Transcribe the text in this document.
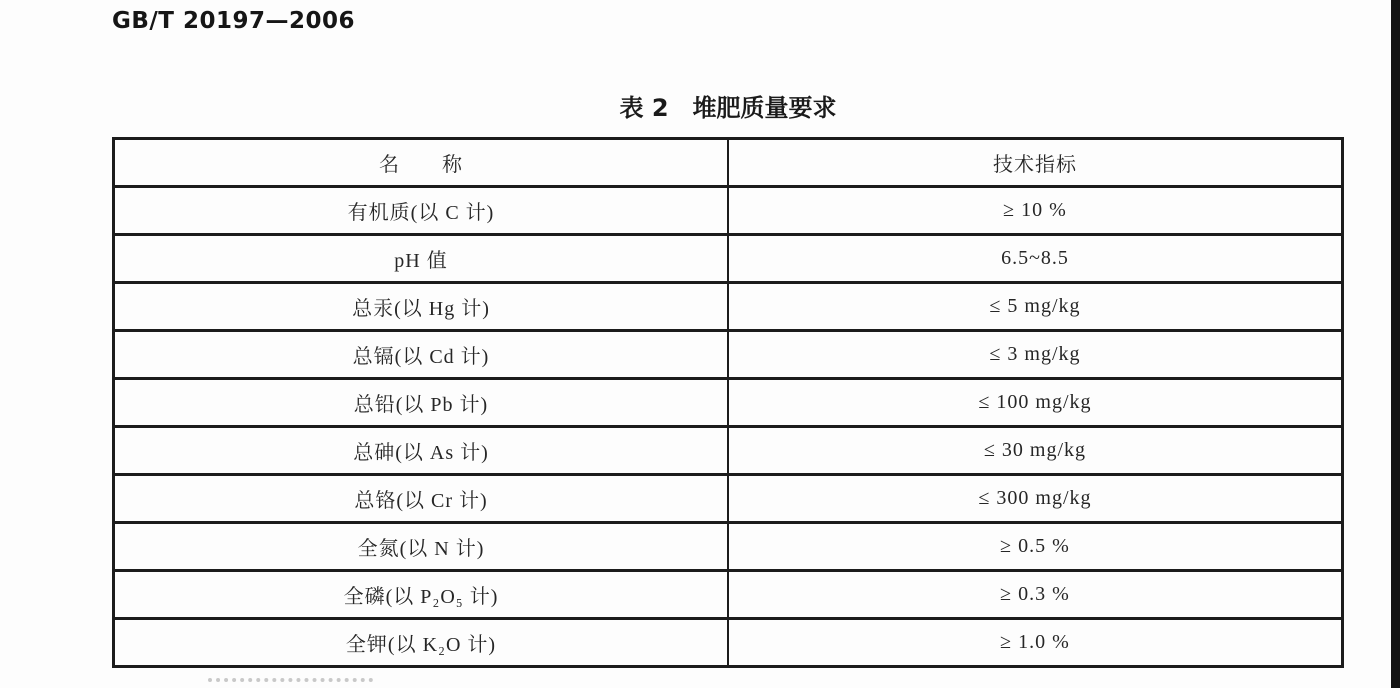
GB/T 20197—2006
表 2　堆肥质量要求
名　　称	技术指标
有机质(以 C 计)	≥ 10 %
pH 值	6.5~8.5
总汞(以 Hg 计)	≤ 5 mg/kg
总镉(以 Cd 计)	≤ 3 mg/kg
总铅(以 Pb 计)	≤ 100 mg/kg
总砷(以 As 计)	≤ 30 mg/kg
总铬(以 Cr 计)	≤ 300 mg/kg
全氮(以 N 计)	≥ 0.5 %
全磷(以 P₂O₅ 计)	≥ 0.3 %
全钾(以 K₂O 计)	≥ 1.0 %
